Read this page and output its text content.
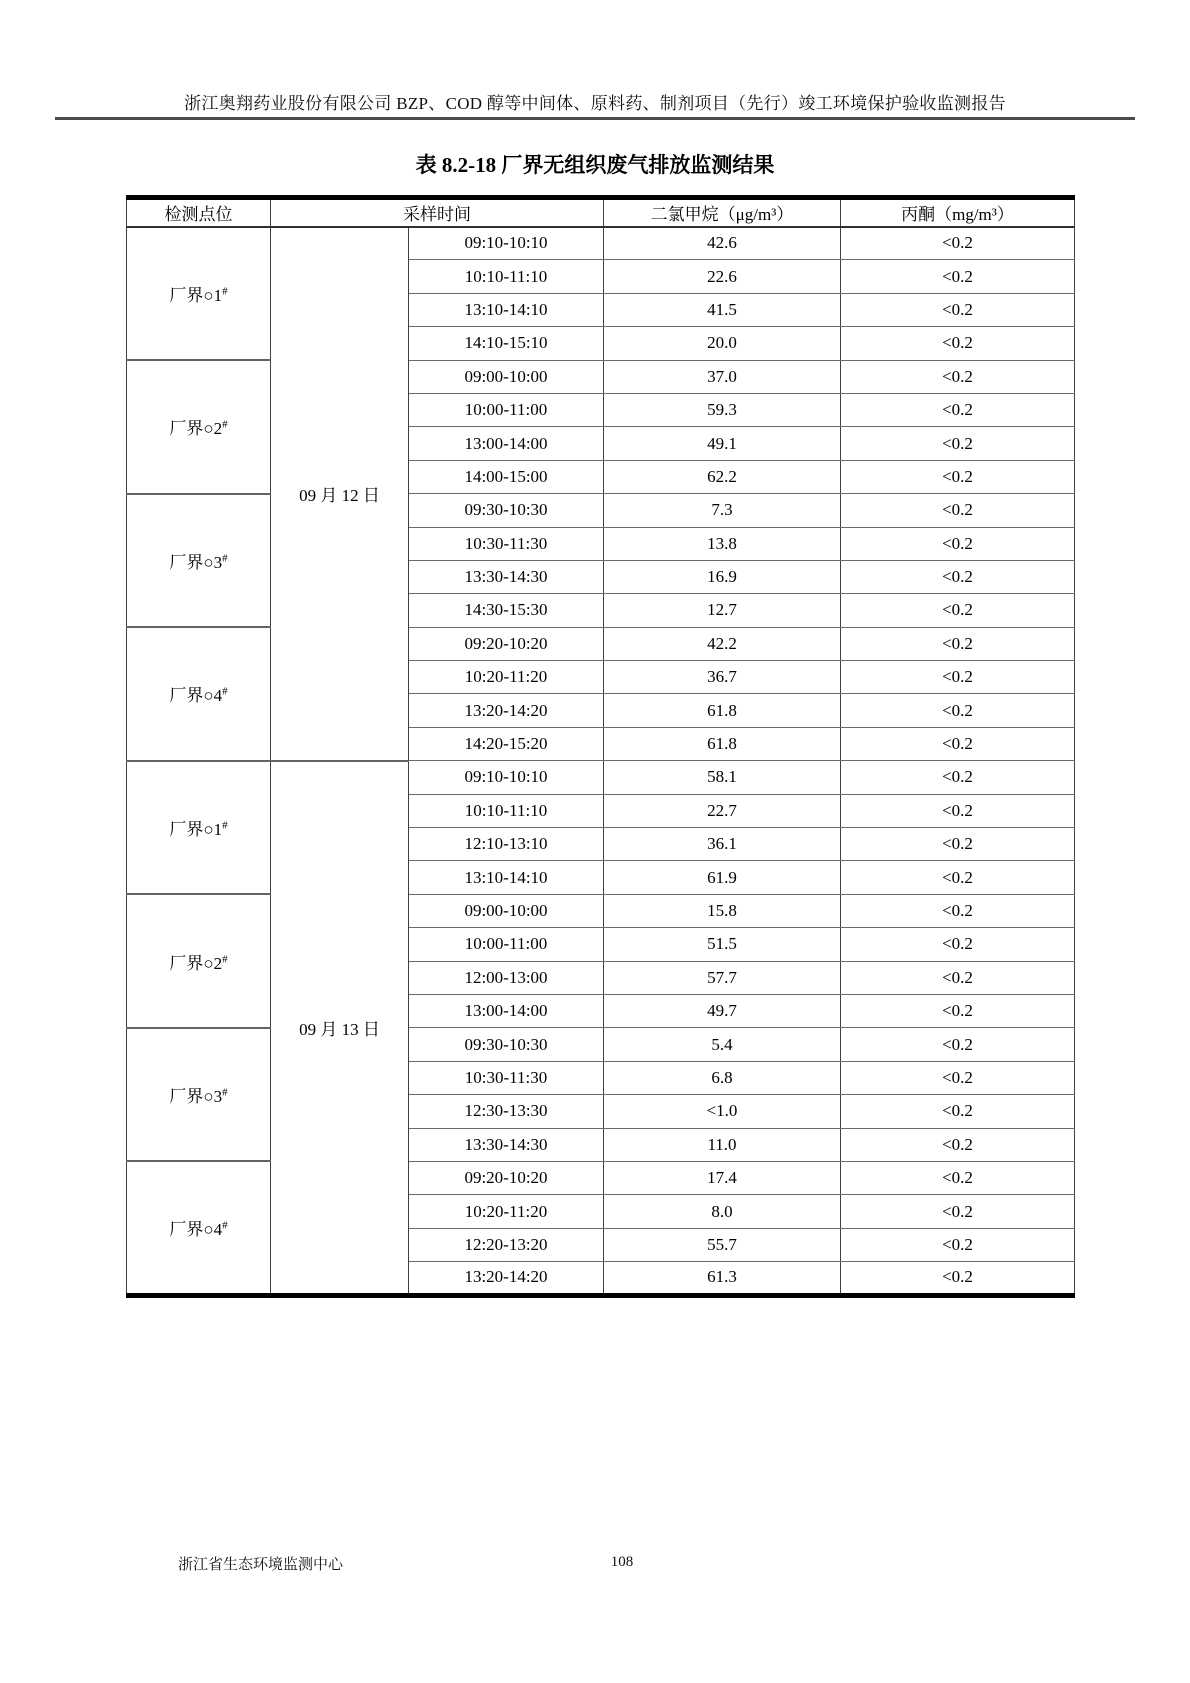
浙江奥翔药业股份有限公司 BZP、COD 醇等中间体、原料药、制剂项目（先行）竣工环境保护验收监测报告
表 8.2-18 厂界无组织废气排放监测结果
检测点位	采样时间		二氯甲烷（μg/m³）	丙酮（mg/m³）
厂界○1#	09 月 12 日	09:10-10:10	42.6	<0.2
		10:10-11:10	22.6	<0.2
		13:10-14:10	41.5	<0.2
		14:10-15:10	20.0	<0.2
厂界○2#		09:00-10:00	37.0	<0.2
		10:00-11:00	59.3	<0.2
		13:00-14:00	49.1	<0.2
		14:00-15:00	62.2	<0.2
厂界○3#		09:30-10:30	7.3	<0.2
		10:30-11:30	13.8	<0.2
		13:30-14:30	16.9	<0.2
		14:30-15:30	12.7	<0.2
厂界○4#		09:20-10:20	42.2	<0.2
		10:20-11:20	36.7	<0.2
		13:20-14:20	61.8	<0.2
		14:20-15:20	61.8	<0.2
厂界○1#	09 月 13 日	09:10-10:10	58.1	<0.2
		10:10-11:10	22.7	<0.2
		12:10-13:10	36.1	<0.2
		13:10-14:10	61.9	<0.2
厂界○2#		09:00-10:00	15.8	<0.2
		10:00-11:00	51.5	<0.2
		12:00-13:00	57.7	<0.2
		13:00-14:00	49.7	<0.2
厂界○3#		09:30-10:30	5.4	<0.2
		10:30-11:30	6.8	<0.2
		12:30-13:30	<1.0	<0.2
		13:30-14:30	11.0	<0.2
厂界○4#		09:20-10:20	17.4	<0.2
		10:20-11:20	8.0	<0.2
		12:20-13:20	55.7	<0.2
		13:20-14:20	61.3	<0.2
浙江省生态环境监测中心	108
